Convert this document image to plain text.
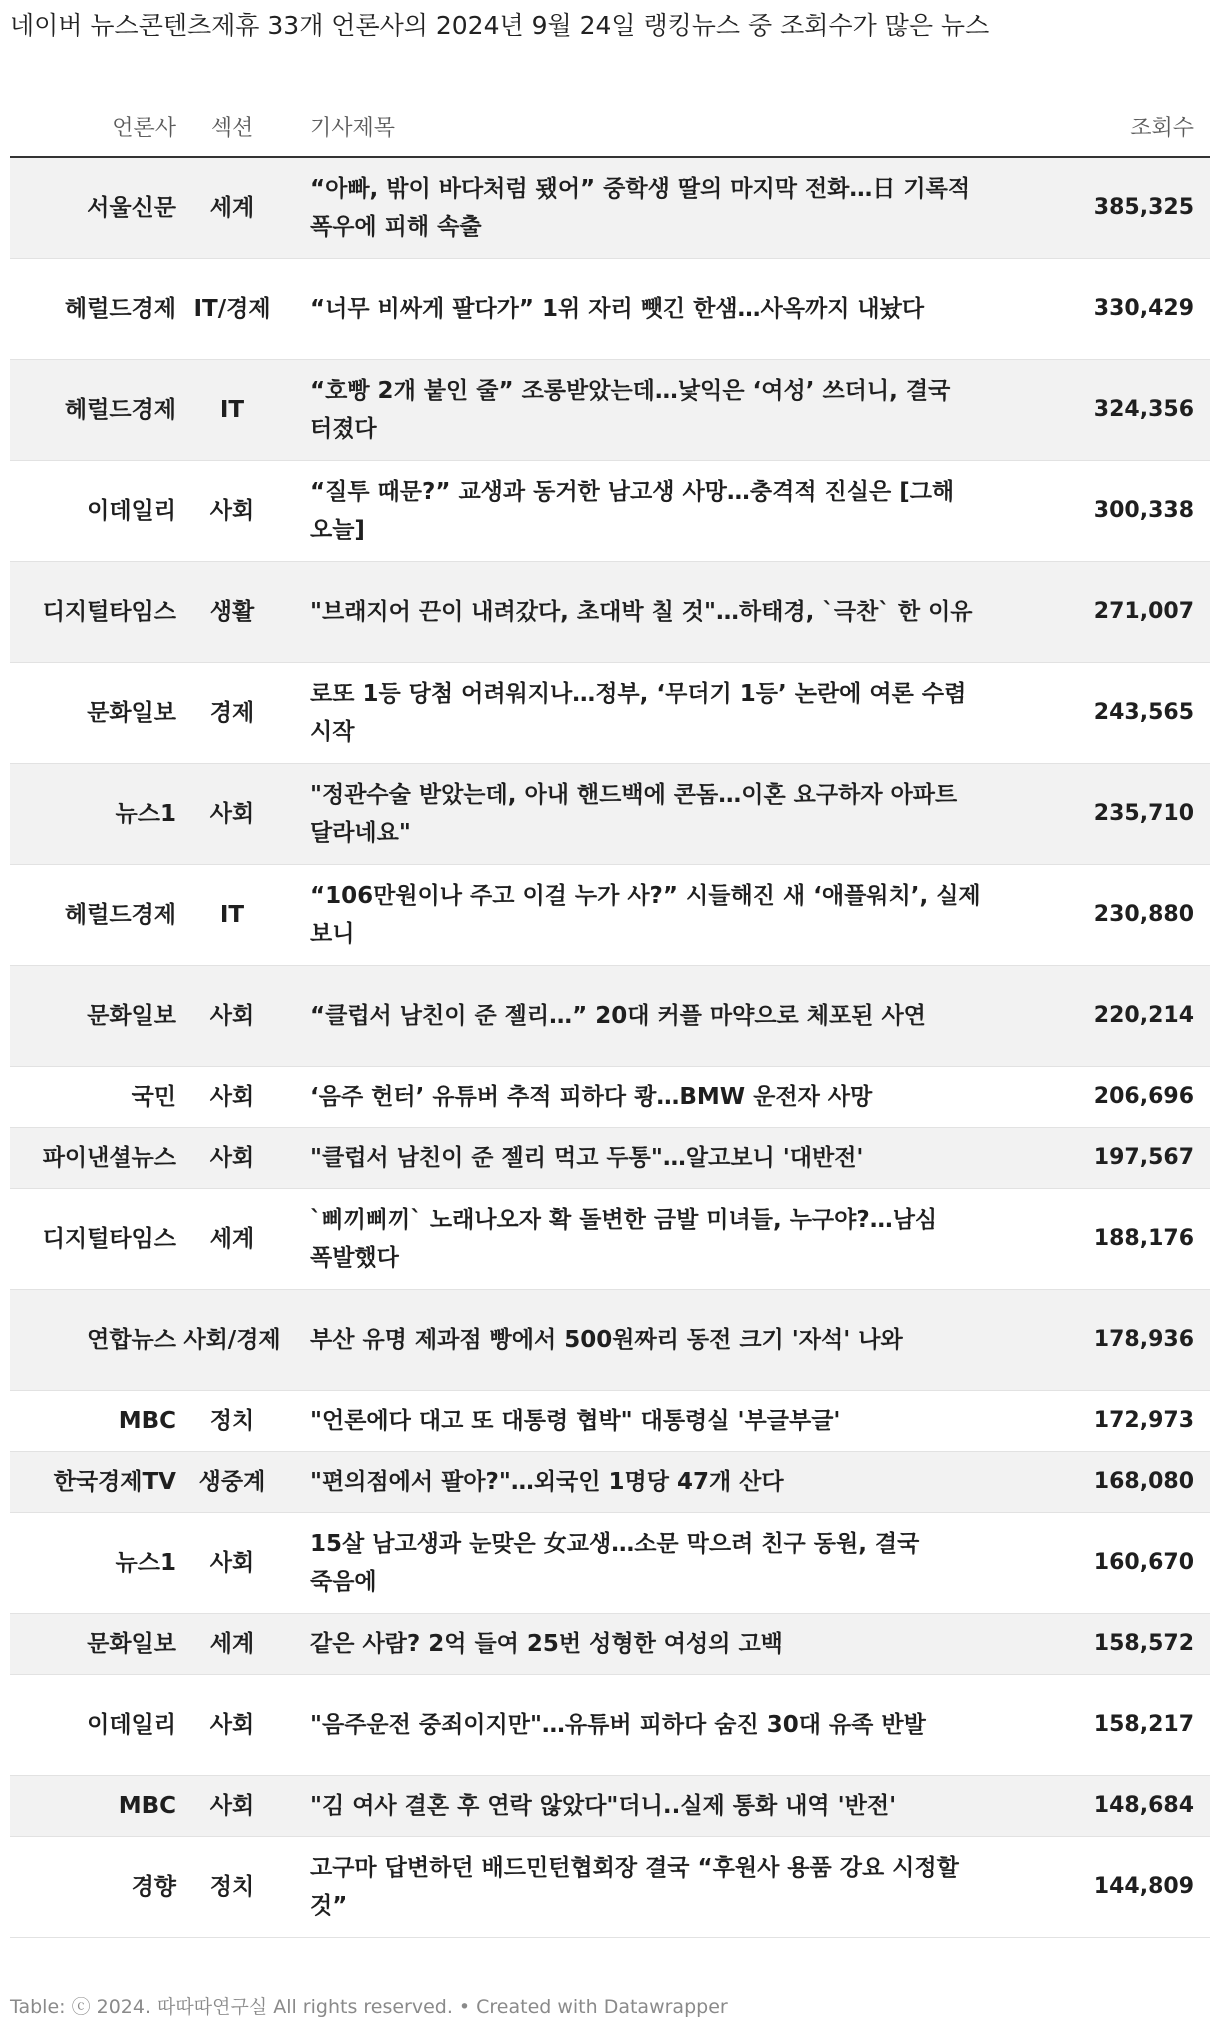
네이버 뉴스콘텐츠제휴 33개 언론사의 2024년 9월 24일 랭킹뉴스 중 조회수가 많은 뉴스
언론사	섹션	기사제목	조회수
서울신문	세계	“아빠, 밖이 바다처럼 됐어” 중학생 딸의 마지막 전화…日 기록적 폭우에 피해 속출	385,325
헤럴드경제	IT/경제	“너무 비싸게 팔다가” 1위 자리 뺏긴 한샘…사옥까지 내놨다	330,429
헤럴드경제	IT	“호빵 2개 붙인 줄” 조롱받았는데…낯익은 ‘여성’ 쓰더니, 결국 터졌다	324,356
이데일리	사회	“질투 때문?” 교생과 동거한 남고생 사망…충격적 진실은 [그해 오늘]	300,338
디지털타임스	생활	"브래지어 끈이 내려갔다, 초대박 칠 것"…하태경, `극찬` 한 이유	271,007
문화일보	경제	로또 1등 당첨 어려워지나…정부, ‘무더기 1등’ 논란에 여론 수렴 시작	243,565
뉴스1	사회	"정관수술 받았는데, 아내 핸드백에 콘돔…이혼 요구하자 아파트 달라네요"	235,710
헤럴드경제	IT	“106만원이나 주고 이걸 누가 사?” 시들해진 새 ‘애플워치’, 실제 보니	230,880
문화일보	사회	“클럽서 남친이 준 젤리…” 20대 커플 마약으로 체포된 사연	220,214
국민	사회	‘음주 헌터’ 유튜버 추적 피하다 쾅…BMW 운전자 사망	206,696
파이낸셜뉴스	사회	"클럽서 남친이 준 젤리 먹고 두통"…알고보니 '대반전'	197,567
디지털타임스	세계	`삐끼삐끼` 노래나오자 확 돌변한 금발 미녀들, 누구야?…남심 폭발했다	188,176
연합뉴스	사회/경제	부산 유명 제과점 빵에서 500원짜리 동전 크기 '자석' 나와	178,936
MBC	정치	"언론에다 대고 또 대통령 협박" 대통령실 '부글부글'	172,973
한국경제TV	생중계	"편의점에서 팔아?"…외국인 1명당 47개 산다	168,080
뉴스1	사회	15살 남고생과 눈맞은 女교생…소문 막으려 친구 동원, 결국 죽음에	160,670
문화일보	세계	같은 사람? 2억 들여 25번 성형한 여성의 고백	158,572
이데일리	사회	"음주운전 중죄이지만"…유튜버 피하다 숨진 30대 유족 반발	158,217
MBC	사회	"김 여사 결혼 후 연락 않았다"더니..실제 통화 내역 '반전'	148,684
경향	정치	고구마 답변하던 배드민턴협회장 결국 “후원사 용품 강요 시정할 것”	144,809
Table: ⓒ 2024. 따따따연구실 All rights reserved. • Created with Datawrapper
